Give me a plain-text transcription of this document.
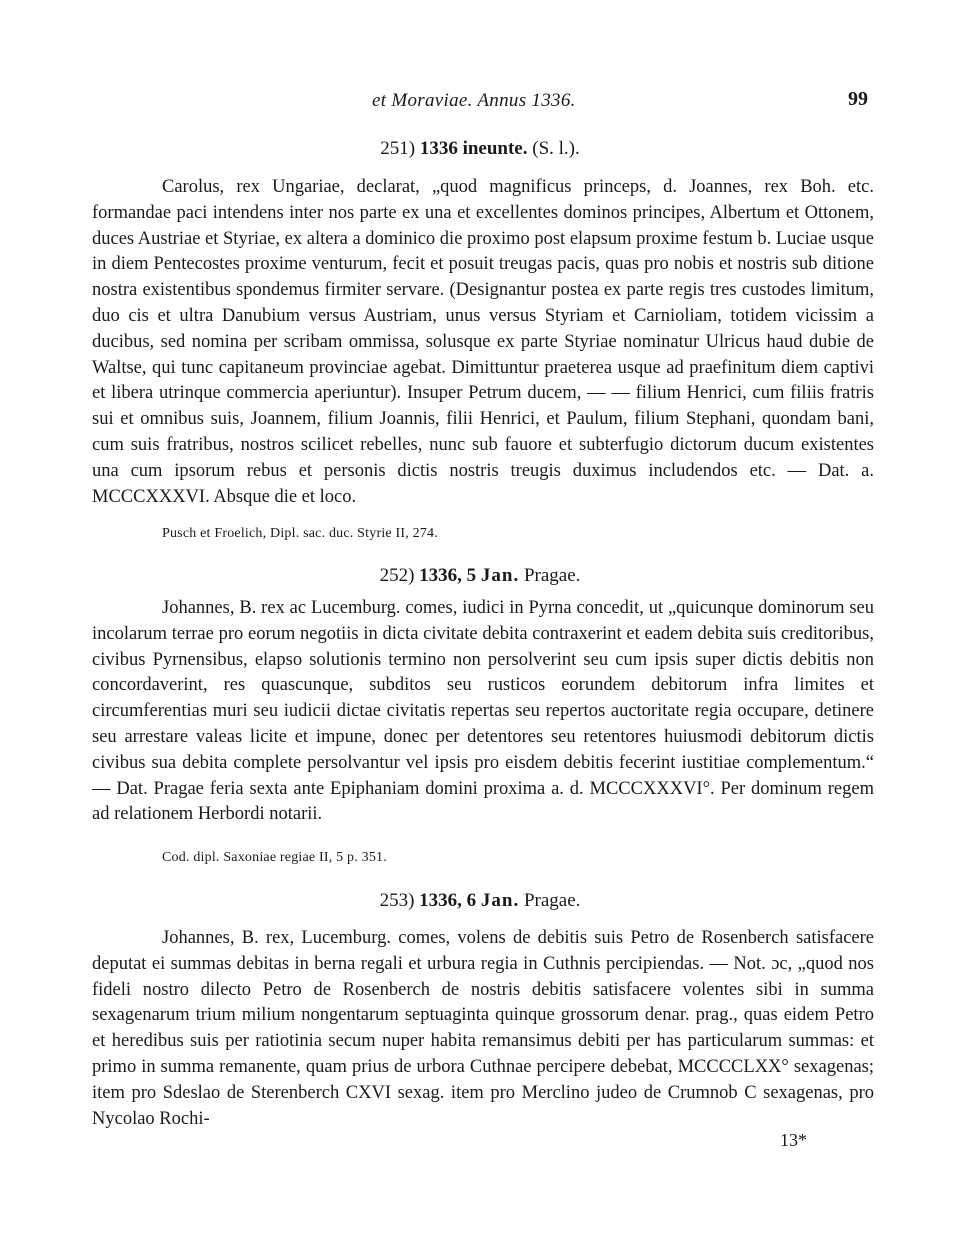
et Moraviae. Annus 1336.	99
251) 1336 ineunte. (S. l.).

Carolus, rex Ungariae, declarat, „quod magnificus princeps, d. Joannes, rex Boh. etc. formandae paci intendens inter nos parte ex una et excellentes dominos principes, Albertum et Ottonem, duces Austriae et Styriae, ex altera a dominico die proximo post elapsum proxime festum b. Luciae usque in diem Pentecostes proxime venturum, fecit et posuit treugas pacis, quas pro nobis et nostris sub ditione nostra existentibus spondemus firmiter servare. (Designantur postea ex parte regis tres custodes limitum, duo cis et ultra Danubium versus Austriam, unus versus Styriam et Carnioliam, totidem vicissim a ducibus, sed nomina per scribam ommissa, solusque ex parte Styriae nominatur Ulricus haud dubie de Waltse, qui tunc capitaneum provinciae agebat. Dimittuntur praeterea usque ad praefinitum diem captivi et libera utrinque commercia aperiuntur). Insuper Petrum ducem, — — filium Henrici, cum filiis fratris sui et omnibus suis, Joannem, filium Joannis, filii Henrici, et Paulum, filium Stephani, quondam bani, cum suis fratribus, nostros scilicet rebelles, nunc sub fauore et subterfugio dictorum ducum existentes una cum ipsorum rebus et personis dictis nostris treugis duximus includendos etc. — Dat. a. MCCCXXXVI. Absque die et loco.

Pusch et Froelich, Dipl. sac. duc. Styrie II, 274.
252) 1336, 5 Jan. Pragae.

Johannes, B. rex ac Lucemburg. comes, iudici in Pyrna concedit, ut „quicunque dominorum seu incolarum terrae pro eorum negotiis in dicta civitate debita contraxerint et eadem debita suis creditoribus, civibus Pyrnensibus, elapso solutionis termino non persolverint seu cum ipsis super dictis debitis non concordaverint, res quascunque, subditos seu rusticos eorundem debitorum infra limites et circumferentias muri seu iudicii dictae civitatis repertas seu repertos auctoritate regia occupare, detinere seu arrestare valeas licite et impune, donec per detentores seu retentores huiusmodi debitorum dictis civibus sua debita complete persolvantur vel ipsis pro eisdem debitis fecerint iustitiae complementum.“ — Dat. Pragae feria sexta ante Epiphaniam domini proxima a. d. MCCCXXXVI°. Per dominum regem ad relationem Herbordi notarii.

Cod. dipl. Saxoniae regiae II, 5 p. 351.
253) 1336, 6 Jan. Pragae.

Johannes, B. rex, Lucemburg. comes, volens de debitis suis Petro de Rosenberch satisfacere deputat ei summas debitas in berna regali et urbura regia in Cuthnis percipiendas. — Not. ɔc, „quod nos fideli nostro dilecto Petro de Rosenberch de nostris debitis satisfacere volentes sibi in summa sexagenarum trium milium nongentarum septuaginta quinque grossorum denar. prag., quas eidem Petro et heredibus suis per ratiotinia secum nuper habita remansimus debiti per has particularum summas: et primo in summa remanente, quam prius de urbora Cuthnae percipere debebat, MCCCCLXX° sexagenas; item pro Sdeslao de Sterenberch CXVI sexag. item pro Merclino judeo de Crumnob C sexagenas, pro Nycolao Rochi-

13*
